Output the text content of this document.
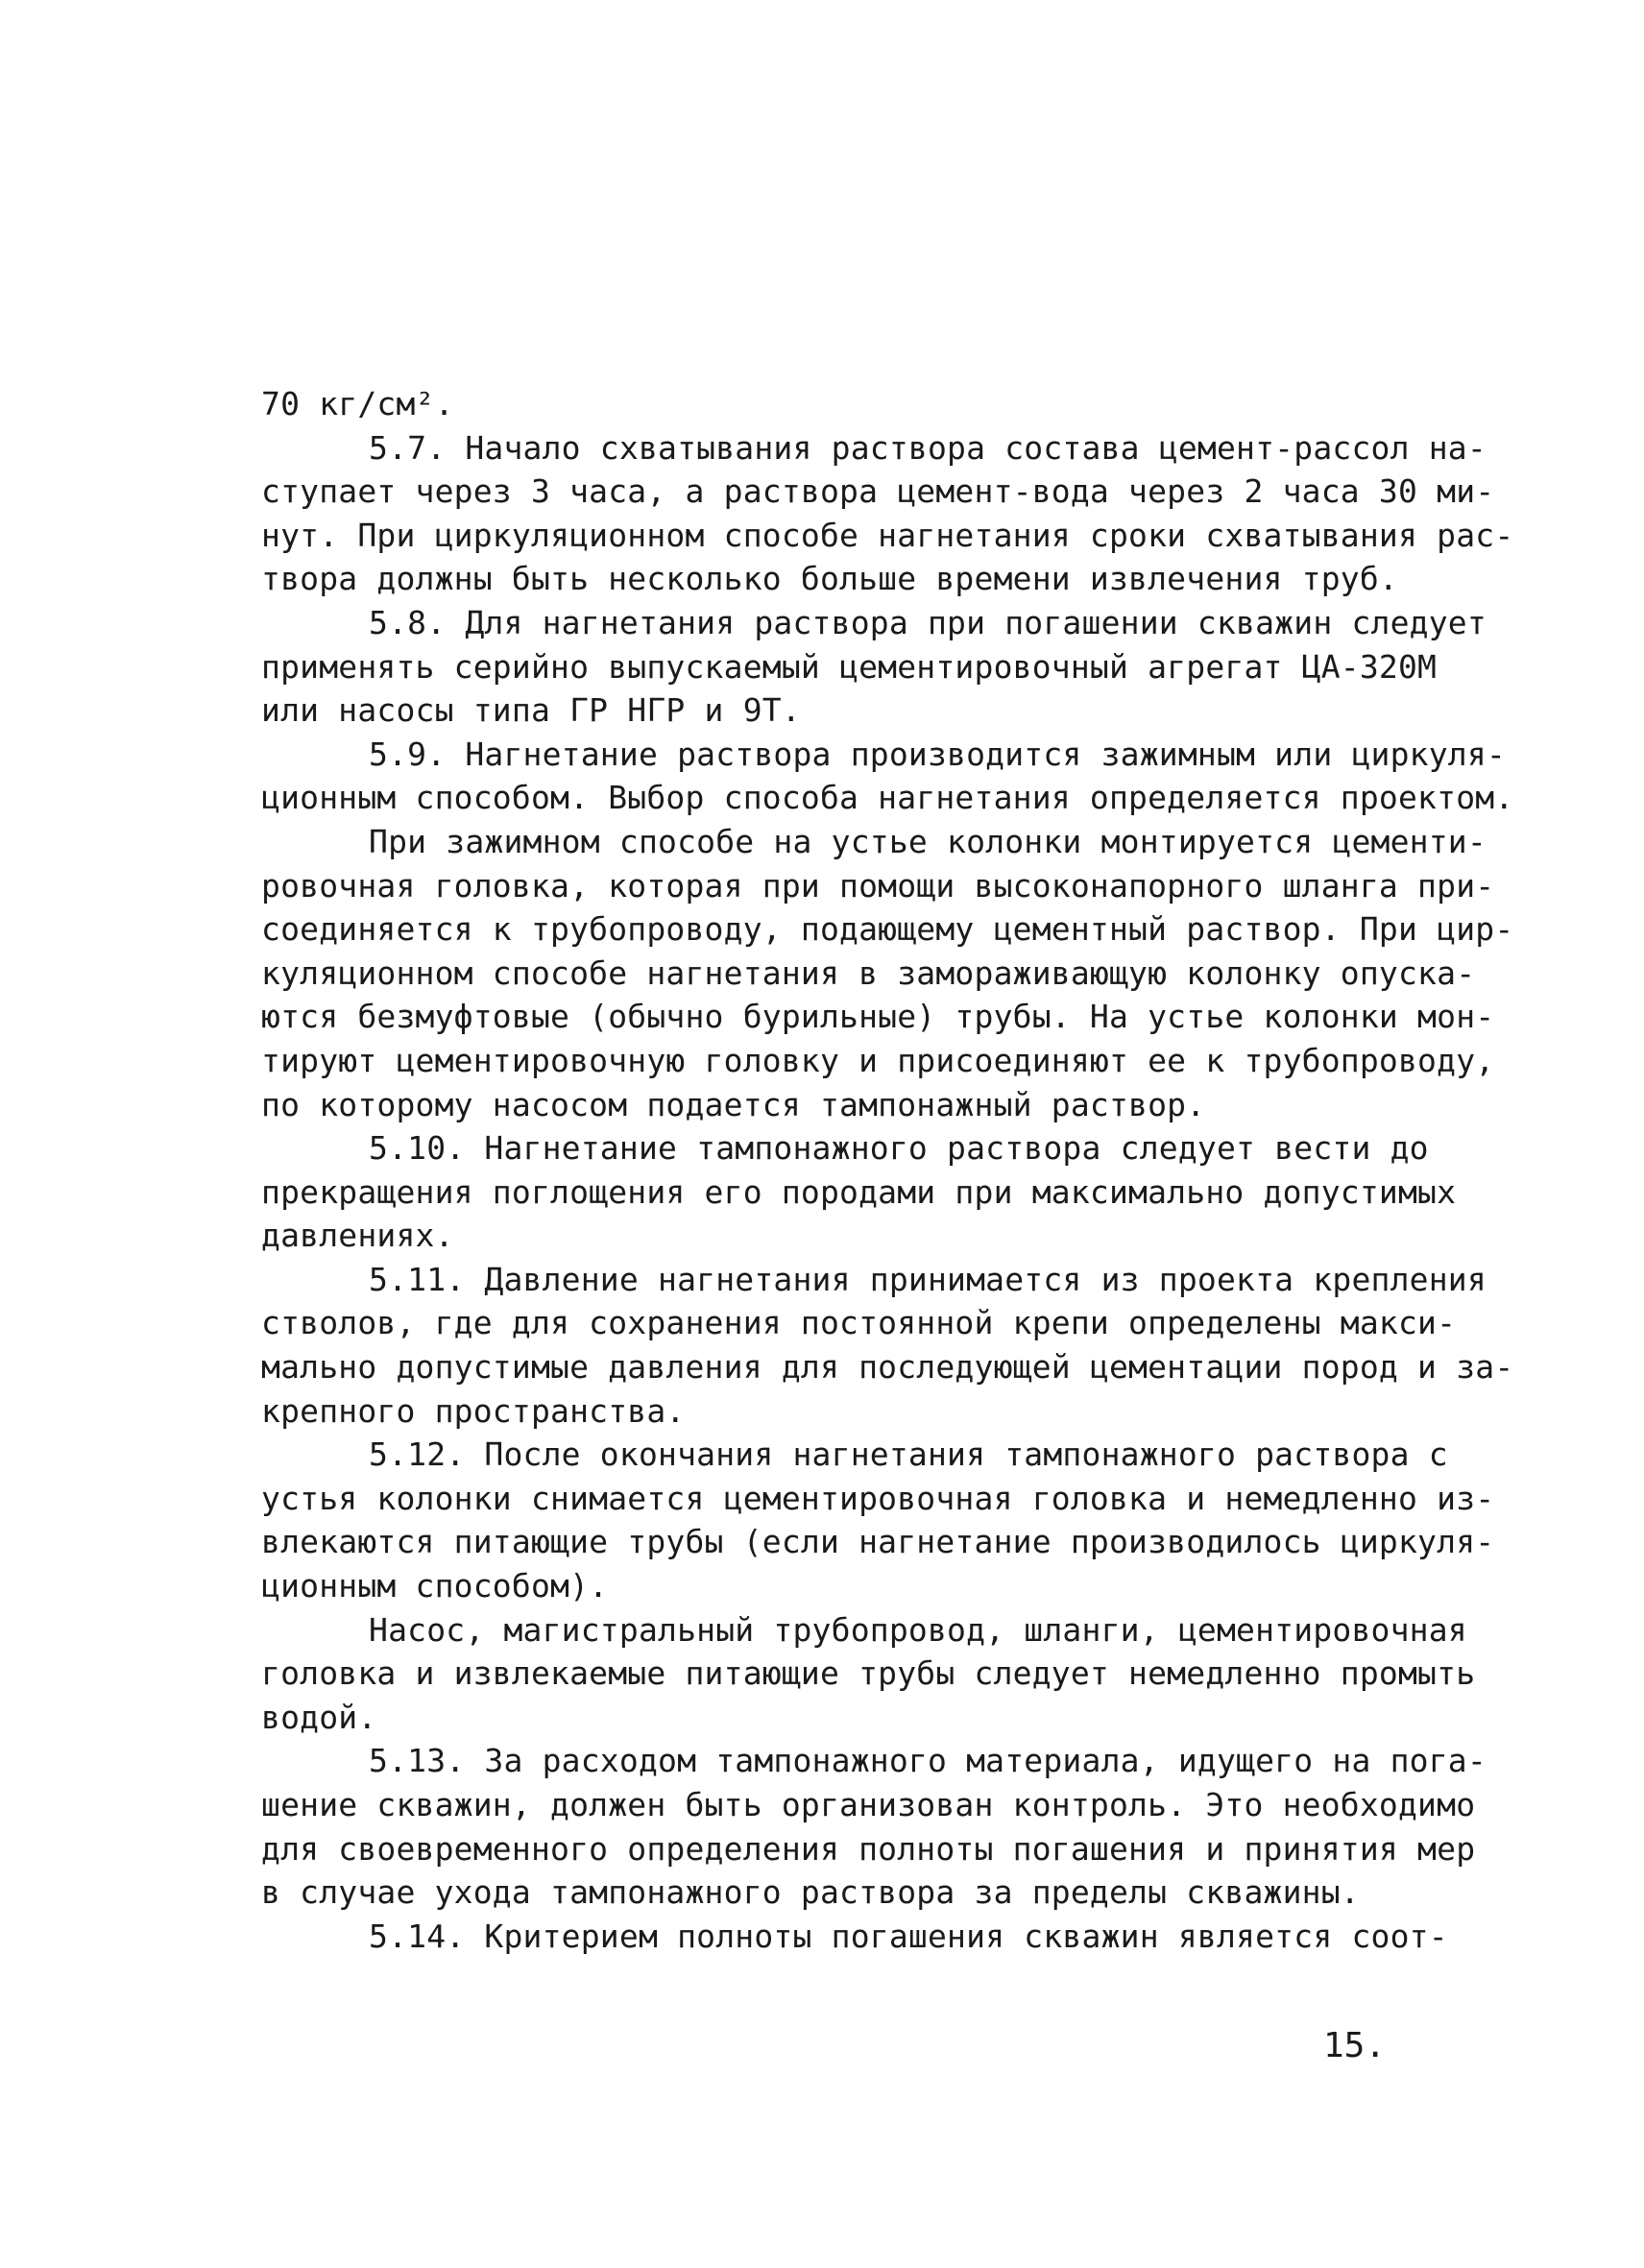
70 кг/см².
5.7. Начало схватывания раствора состава цемент-рассол на-
ступает через 3 часа, а раствора цемент-вода через 2 часа 30 ми-
нут. При циркуляционном способе нагнетания сроки схватывания рас-
твора должны быть несколько больше времени извлечения труб.
5.8. Для нагнетания раствора при погашении скважин следует
применять серийно выпускаемый цементировочный агрегат ЦА-320М
или насосы типа ГР НГР и 9Т.
5.9. Нагнетание раствора производится зажимным или циркуля-
ционным способом. Выбор способа нагнетания определяется проектом.
При зажимном способе на устье колонки монтируется цементи-
ровочная головка, которая при помощи высоконапорного шланга при-
соединяется к трубопроводу, подающему цементный раствор. При цир-
куляционном способе нагнетания в замораживающую колонку опуска-
ются безмуфтовые (обычно бурильные) трубы. На устье колонки мон-
тируют цементировочную головку и присоединяют ее к трубопроводу,
по которому насосом подается тампонажный раствор.
5.10. Нагнетание тампонажного раствора следует вести до
прекращения поглощения его породами при максимально допустимых
давлениях.
5.11. Давление нагнетания принимается из проекта крепления
стволов, где для сохранения постоянной крепи определены макси-
мально допустимые давления для последующей цементации пород и за-
крепного пространства.
5.12. После окончания нагнетания тампонажного раствора с
устья колонки снимается цементировочная головка и немедленно из-
влекаются питающие трубы (если нагнетание производилось циркуля-
ционным способом).
Насос, магистральный трубопровод, шланги, цементировочная
головка и извлекаемые питающие трубы следует немедленно промыть
водой.
5.13. За расходом тампонажного материала, идущего на пога-
шение скважин, должен быть организован контроль. Это необходимо
для своевременного определения полноты погашения и принятия мер
в случае ухода тампонажного раствора за пределы скважины.
5.14. Критерием полноты погашения скважин является соот-
15.
